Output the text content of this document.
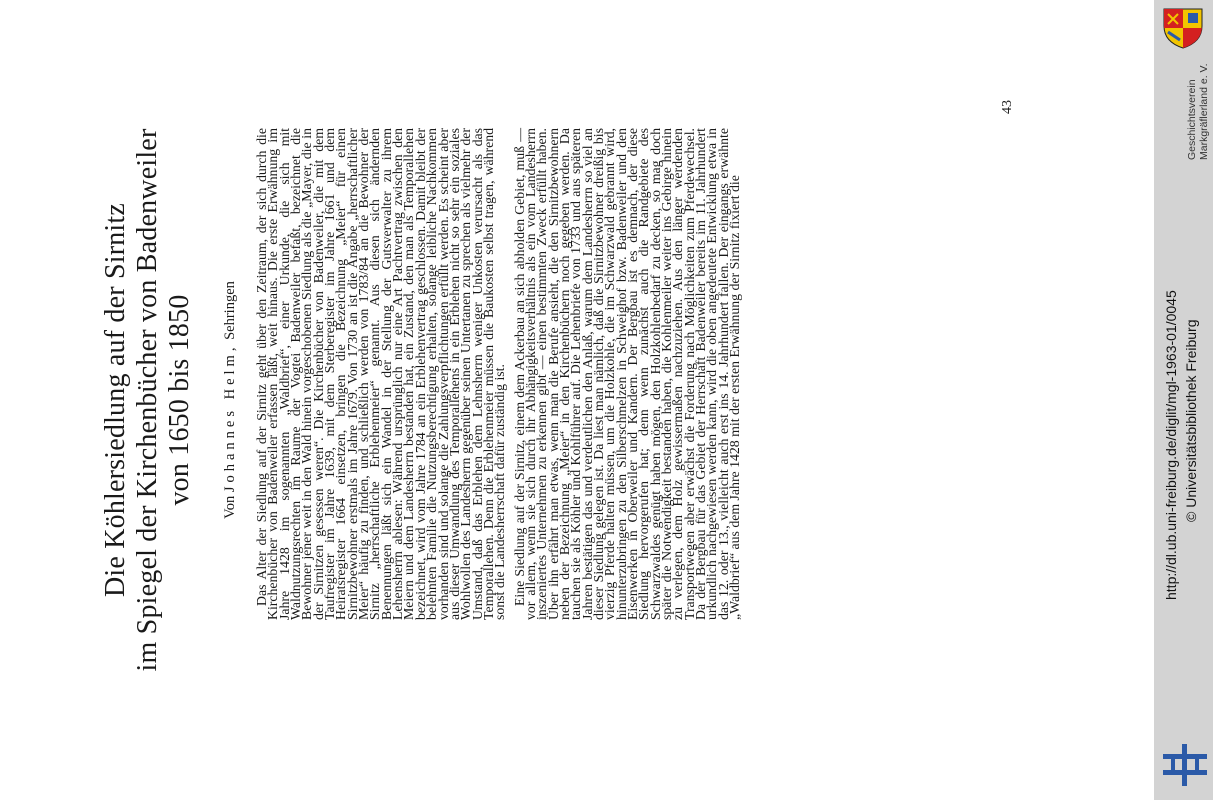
Die Köhlersiedlung auf der Sirnitz im Spiegel der Kirchenbücher von Badenweiler von 1650 bis 1850
Von Johannes Helm, Sehringen Das Alter der Siedlung auf der Sirnitz geht über den Zeitraum, der sich durch die Kirchenbücher von Badenweiler erfassen läßt, weit hinaus. Die erste Erwähnung im Jahre 1428 im sogenannten „Waldbrief“, einer Urkunde, die sich mit Waldnutzungsrechten im Raume der Vogtei Badenweiler befaßt, bezeichnet die Bewohner jener weit in den Wald hinein vorgeschobenen Siedlung als die „Mayer, die in der Sirnitzen gesessen weren“. Die Kirchenbücher von Badenweiler, die mit dem Taufregister im Jahre 1639, mit dem Sterberegister im Jahre 1661 und dem Heiratsregister 1664 einsetzen, bringen die Bezeichnung „Meier“ für einen Sirnitzbewohner erstmals im Jahre 1679. Von 1730 an ist die Angabe „herrschaftlicher Meier“ häufig zu finden, und schließlich werden von 1783/84 an die Bewohner der Sirnitz „herrschaftliche Erblehenmeier“ genannt. Aus diesen sich ändernden Benennungen läßt sich ein Wandel in der Stellung der Gutsverwalter zu ihrem Lehensherrn ablesen: Während ursprünglich nur eine Art Pachtvertrag zwischen den Meiern und dem Landesherrn bestanden hat, ein Zustand, den man als Temporallehen bezeichnet, wird vom Jahre 1784 an ein Erblehenvertrag geschlossen. Damit bleibt der belehnten Familie die Nutzungsberechtigung erhalten, solange leibliche Nachkommen vorhanden sind und solange die Zahlungsverpflichtungen erfüllt werden. Es scheint aber aus dieser Umwandlung des Temporallehens in ein Erblehen nicht so sehr ein soziales Wohlwollen des Landesherrn gegenüber seinen Untertanen zu sprechen als vielmehr der Umstand, daß das Erblehen dem Lehnsherrn weniger Unkosten verursacht als das Temporallehen. Denn die Erblehenmeier müssen die Baukosten selbst tragen, während sonst die Landesherrschaft dafür zuständig ist. Eine Siedlung auf der Sirnitz, einem dem Ackerbau an sich abholden Gebiet, muß — vor allem, wenn sie sich durch ihr Abhängigkeitsverhältnis als ein vom Landesherrn inszeniertes Unternehmen zu erkennen gibt — einen bestimmten Zweck erfüllt haben. Über ihn erfährt man etwas, wenn man die Berufe ansieht, die den Sirnitzbewohnern neben der Bezeichnung „Meier“ in den Kirchenbüchern noch gegeben werden. Da tauchen sie als Köhler und Kohlführer auf. Die Lehenbriefe von 1733 und aus späteren Jahren bestätigen das und verdeutlichen den Anlaß, warum dem Landesherrn so viel an dieser Siedlung gelegen ist. Da liest man nämlich, daß die Sirnitzbewohner dreißig bis vierzig Pferde halten müssen, um die Holzkohle, die im Schwarzwald gebrannt wird, hinunterzubringen zu den Silberschmelzen in Schweighof bzw. Badenweiler und den Eisenwerken in Oberweiler und Kandern. Der Bergbau ist es demnach, der diese Siedlung hervorgerufen hat; denn wenn zunächst auch die Randgebiete des Schwarzwaldes genügt haben mögen, den Holzkohlenbedarf zu decken, so mag doch später die Notwendigkeit bestanden haben, die Kohlenmeiler weiter ins Gebirge hinein zu verlegen, dem Holz gewissermaßen nachzuziehen. Aus den länger werdenden Transportwegen aber erwächst die Forderung nach Möglichkeiten zum Pferdewechsel. Da der Bergbau für das Gebiet der Herrschaft Badenweiler bereits im 11. Jahrhundert urkundlich nachgewiesen werden kann, wird die oben angedeutete Entwicklung etwa in das 12. oder 13., vielleicht auch erst ins 14. Jahrhundert fallen. Der eingangs erwähnte „Waldbrief“ aus dem Jahre 1428 mit der ersten Erwähnung der Sirnitz fixiert die

43	Geschichtsverein Markgräflerland e. V.
http://dl.ub.uni-freiburg.de/diglit/mgl-1963-01/0045 © Universitätsbibliothek Freiburg
